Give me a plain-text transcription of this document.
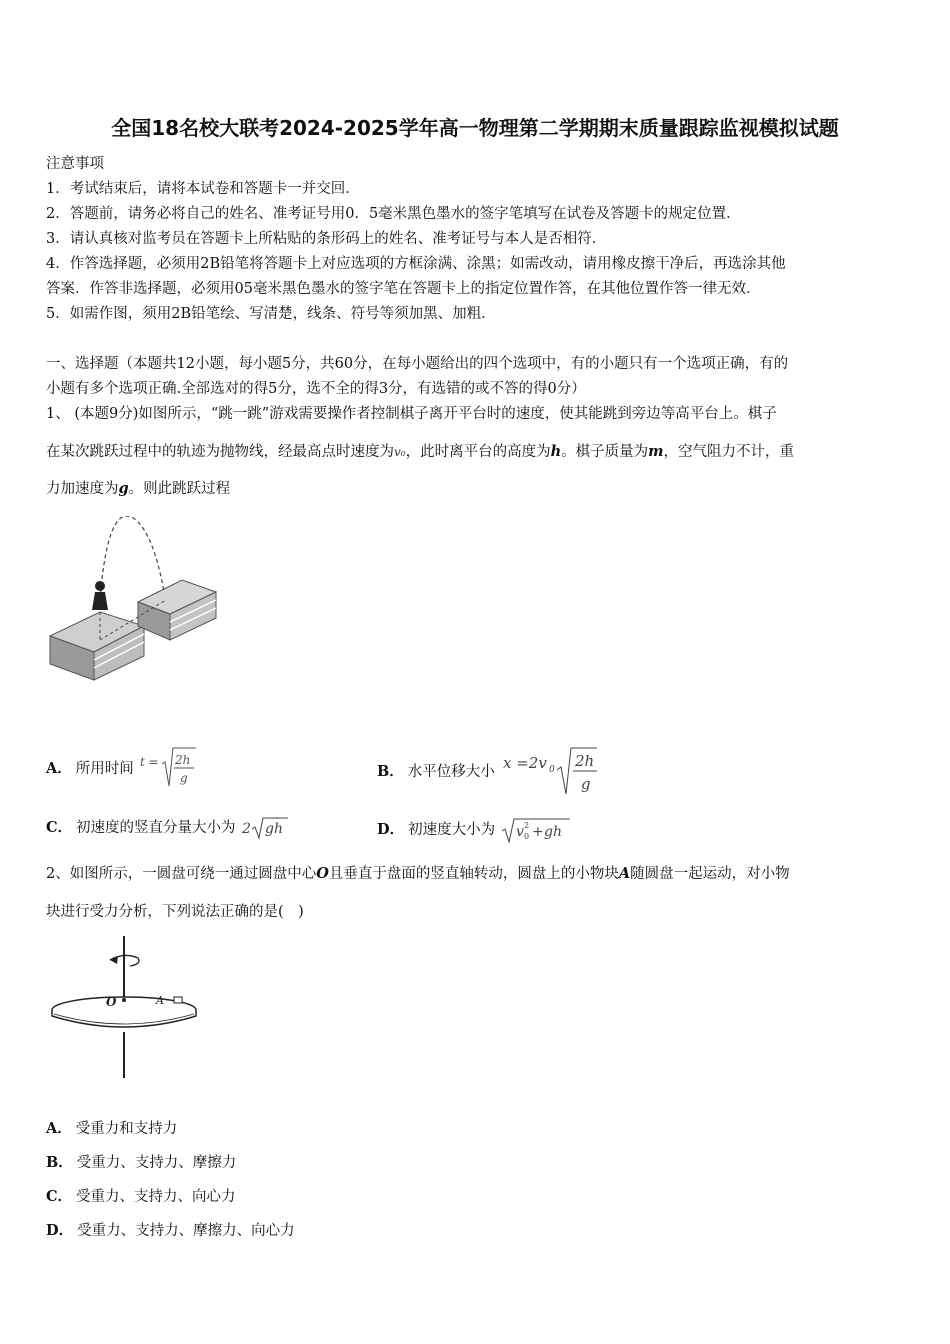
全国18名校大联考2024-2025学年高一物理第二学期期末质量跟踪监视模拟试题
注意事项
1．考试结束后，请将本试卷和答题卡一并交回．
2．答题前，请务必将自己的姓名、准考证号用0．5毫米黑色墨水的签字笔填写在试卷及答题卡的规定位置．
3．请认真核对监考员在答题卡上所粘贴的条形码上的姓名、准考证号与本人是否相符．
4．作答选择题，必须用2B铅笔将答题卡上对应选项的方框涂满、涂黑；如需改动，请用橡皮擦干净后，再选涂其他
答案．作答非选择题，必须用05毫米黑色墨水的签字笔在答题卡上的指定位置作答，在其他位置作答一律无效．
5．如需作图，须用2B铅笔绘、写清楚，线条、符号等须加黑、加粗．
一、选择题（本题共12小题，每小题5分，共60分，在每小题给出的四个选项中，有的小题只有一个选项正确，有的
小题有多个选项正确.全部选对的得5分，选不全的得3分，有选错的或不答的得0分）
1、 (本题9分)如图所示，“跳一跳”游戏需要操作者控制棋子离开平台时的速度，使其能跳到旁边等高平台上。棋子
在某次跳跃过程中的轨迹为抛物线，经最高点时速度为v₀，此时离平台的高度为h。棋子质量为m，空气阻力不计，重
力加速度为g。则此跳跃过程
A． 所用时间 t = 2h
g	B． 水平位移大小 x =2v 0 2h
g
C． 初速度的竖直分量大小为 2 gh	D． 初速度大小为 v 2
0 + gh
2、如图所示，一圆盘可绕一通过圆盘中心O且垂直于盘面的竖直轴转动，圆盘上的小物块A随圆盘一起运动，对小物
块进行受力分析，下列说法正确的是(　)
O	A
A． 受重力和支持力
B． 受重力、支持力、摩擦力
C． 受重力、支持力、向心力
D． 受重力、支持力、摩擦力、向心力
